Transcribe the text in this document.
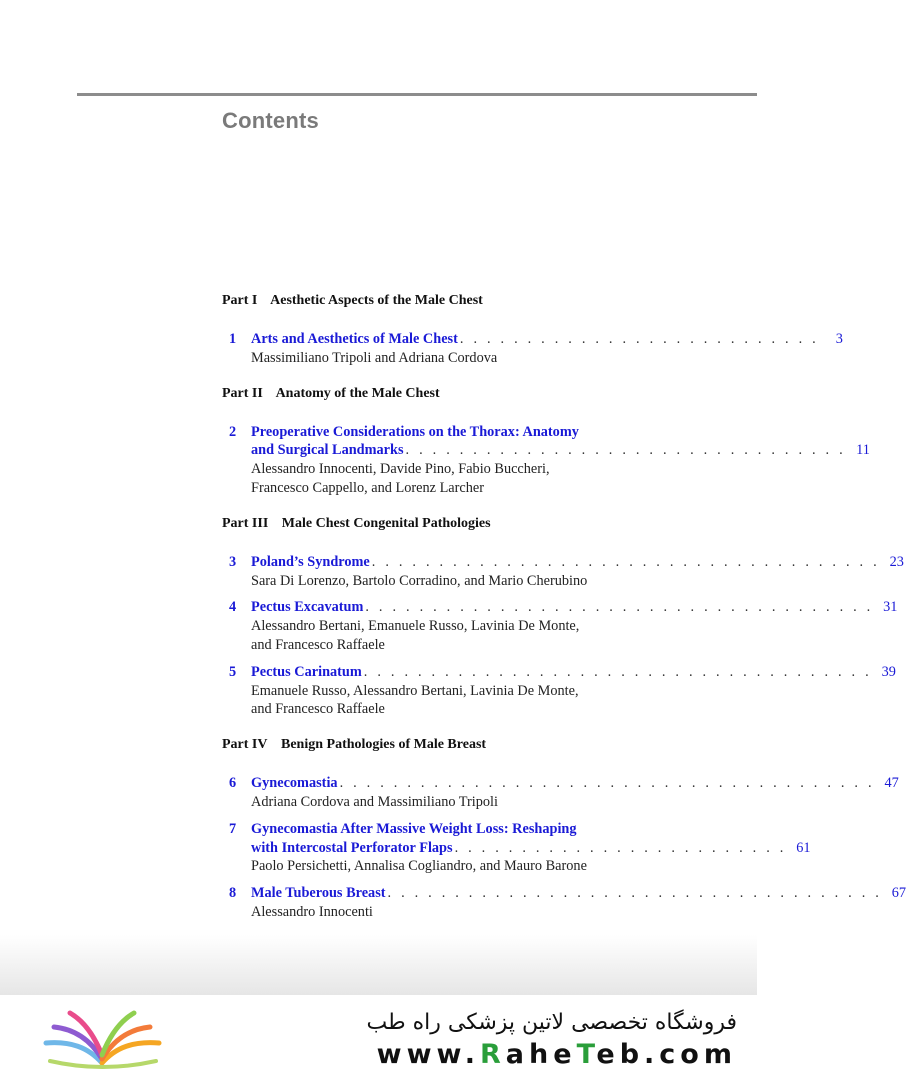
Contents
Part I Aesthetic Aspects of the Male Chest
1 Arts and Aesthetics of Male Chest . . . . . . . . . . . . . . . . . . . . . . . . . . .	3
Massimiliano Tripoli and Adriana Cordova
Part II Anatomy of the Male Chest
2 Preoperative Considerations on the Thorax: Anatomy
and Surgical Landmarks . . . . . . . . . . . . . . . . . . . . . . . . . . . . . . . . . 11
Alessandro Innocenti, Davide Pino, Fabio Buccheri,
Francesco Cappello, and Lorenz Larcher
Part III Male Chest Congenital Pathologies
3 Poland’s Syndrome . . . . . . . . . . . . . . . . . . . . . . . . . . . . . . . . . . . . . . 23
Sara Di Lorenzo, Bartolo Corradino, and Mario Cherubino
4 Pectus Excavatum . . . . . . . . . . . . . . . . . . . . . . . . . . . . . . . . . . . . . . 31
Alessandro Bertani, Emanuele Russo, Lavinia De Monte,
and Francesco Raffaele
5 Pectus Carinatum . . . . . . . . . . . . . . . . . . . . . . . . . . . . . . . . . . . . . . 39
Emanuele Russo, Alessandro Bertani, Lavinia De Monte,
and Francesco Raffaele
Part IV Benign Pathologies of Male Breast
6 Gynecomastia . . . . . . . . . . . . . . . . . . . . . . . . . . . . . . . . . . . . . . . . 47
Adriana Cordova and Massimiliano Tripoli
7 Gynecomastia After Massive Weight Loss: Reshaping
with Intercostal Perforator Flaps . . . . . . . . . . . . . . . . . . . . . . . . . 61
Paolo Persichetti, Annalisa Cogliandro, and Mauro Barone
8 Male Tuberous Breast . . . . . . . . . . . . . . . . . . . . . . . . . . . . . . . . . . . . . 67
Alessandro Innocenti
فروشگاه تخصصی لاتین پزشکی راه طب
www.RaheTeb.com
